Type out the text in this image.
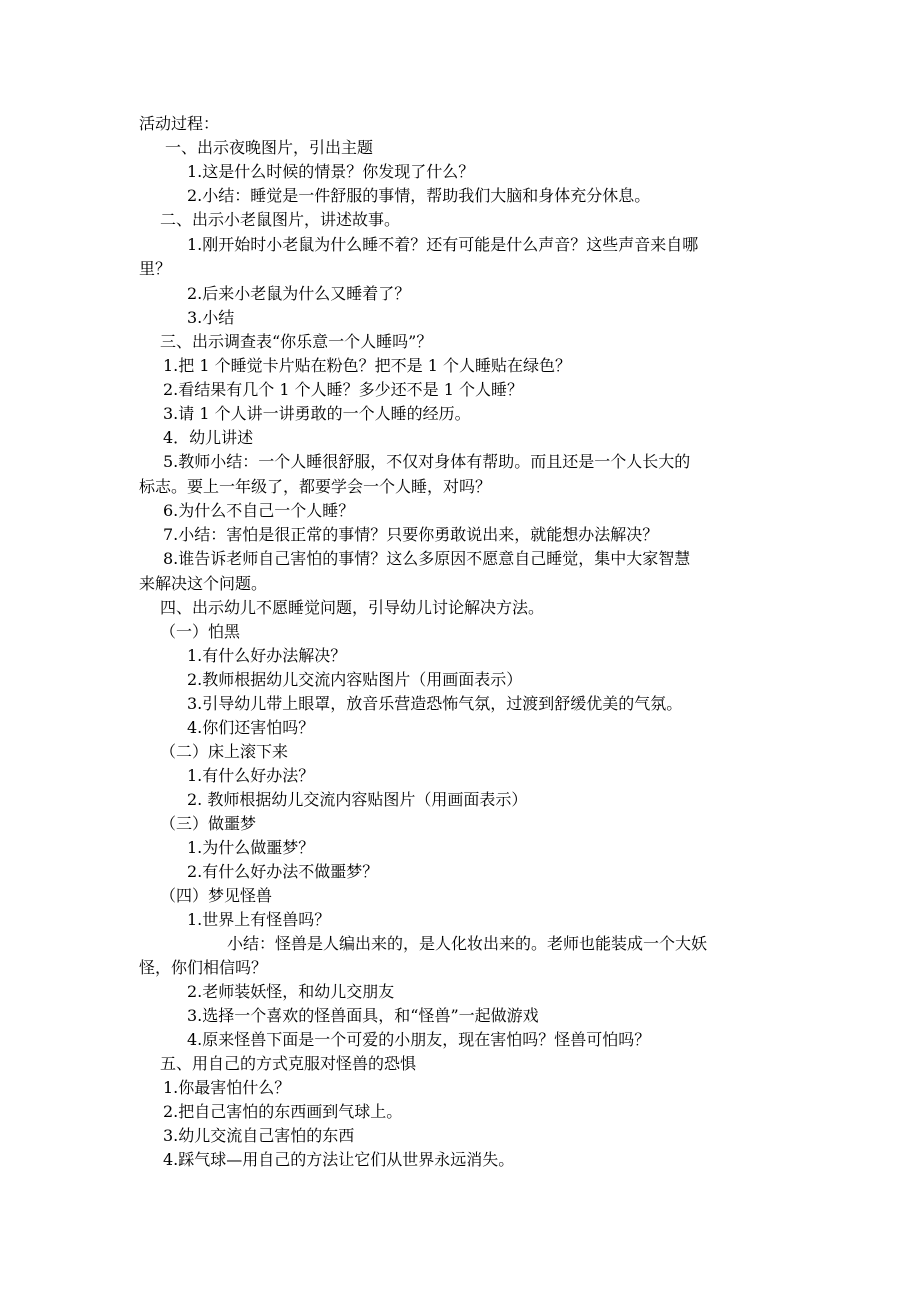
活动过程：
一、出示夜晚图片，引出主题
1.这是什么时候的情景？你发现了什么？
2.小结：睡觉是一件舒服的事情，帮助我们大脑和身体充分休息。
二、出示小老鼠图片，讲述故事。
1.刚开始时小老鼠为什么睡不着？还有可能是什么声音？这些声音来自哪
里？
2.后来小老鼠为什么又睡着了？
3.小结
三、出示调查表“你乐意一个人睡吗”？
1.把 1 个睡觉卡片贴在粉色？把不是 1 个人睡贴在绿色？
2.看结果有几个 1 个人睡？多少还不是 1 个人睡？
3.请 1 个人讲一讲勇敢的一个人睡的经历。
4．幼儿讲述
5.教师小结：一个人睡很舒服，不仅对身体有帮助。而且还是一个人长大的
标志。要上一年级了，都要学会一个人睡，对吗？
6.为什么不自己一个人睡？
7.小结：害怕是很正常的事情？只要你勇敢说出来，就能想办法解决？
8.谁告诉老师自己害怕的事情？这么多原因不愿意自己睡觉，集中大家智慧
来解决这个问题。
四、出示幼儿不愿睡觉问题，引导幼儿讨论解决方法。
（一）怕黑
1.有什么好办法解决？
2.教师根据幼儿交流内容贴图片（用画面表示）
3.引导幼儿带上眼罩，放音乐营造恐怖气氛，过渡到舒缓优美的气氛。
4.你们还害怕吗？
（二）床上滚下来
1.有什么好办法？
2. 教师根据幼儿交流内容贴图片（用画面表示）
（三）做噩梦
1.为什么做噩梦？
2.有什么好办法不做噩梦？
（四）梦见怪兽
1.世界上有怪兽吗？
小结：怪兽是人编出来的，是人化妆出来的。老师也能装成一个大妖
怪，你们相信吗？
2.老师装妖怪，和幼儿交朋友
3.选择一个喜欢的怪兽面具，和“怪兽”一起做游戏
4.原来怪兽下面是一个可爱的小朋友，现在害怕吗？怪兽可怕吗？
五、用自己的方式克服对怪兽的恐惧
1.你最害怕什么？
2.把自己害怕的东西画到气球上。
3.幼儿交流自己害怕的东西
4.踩气球—用自己的方法让它们从世界永远消失。
